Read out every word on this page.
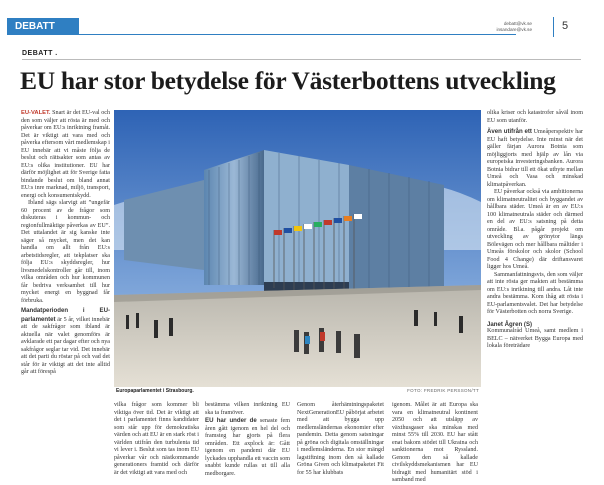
DEBATT	debatt@vk.se
insandare@vk.se	5
DEBATT .
EU har stor betydelse för Västerbottens utveckling

EU-VALET. Snart är det EU-val och den som väljer att rösta är med och påverkar om EU:s inriktning framåt. Det är viktigt att vara med och påverka eftersom vårt medlemskap i EU innebär att vi måste följa de beslut och rättsakter som antas av EU:s olika institutioner. EU har därför möjlighet att för Sverige fatta bindande beslut om bland annat EU:s inre marknad, miljö, transport, energi och konsumentskydd.

Ibland sägs slarvigt att ”ungefär 60 procent av de frågor som diskuteras i kommun- och regionfullmäktige påverkas av EU”. Det uttalandet är sig kanske inte säger så mycket, men det kan handla om allt från EU:s arbetstidsregler, att tekplatser ska följa EU:s skyddsregler, hur livsmedelskontroller går till, inom vilka områden och hur kommunen får bedriva verksamhet till hur mycket energi en byggnad får förbruka.

Mandatperioden i EU-parlamentet är 5 år, vilket innebär att de sakfrågor som ibland är aktuella när valet genomförs är avklarade ett par dagar efter och nya sakfrågor seglar tar vid. Det innebär att det parti du röstar på och vad det står för är viktigt att det inte alltid går att förespå

Europaparlamentet i Strasbourg.	FOTO: FREDRIK PERSSON/TT

vilka frågor som kommer bli viktiga över tid. Det är viktigt att det i parlamentet finns kandidater som står upp för demokratiska värden och att EU är en stark röst i världen utifrån den turbulenta tid vi lever i. Beslut som tas inom EU påverkar vår och nästkommande generationers framtid och därför är det viktigt att vara med och

bestämma vilken inriktning EU ska ta framöver.

EU har under de senaste fem åren gått igenom en hel del och framsteg har gjorts på flera områden. Ett axplock är: Gått igenom en pandemi där EU lyckades upphandla ett vaccin som snabbt kunde rullas ut till alla medborgare.

Genom återhämtningspaketet NextGenerationEU påbörjat arbetet med att bygga upp medlemsländernas ekonomier efter pandemin. Detta genom satsningar på gröna och digitala omställningar i medlemsländerna. En stor mängd lagstiftning inom den så kallade Gröna Given och klimatpaketet Fit for 55 har klubbats

igenom. Målet är att Europa ska vara en klimatneutral kontinent 2050 och att utsläpp av växthusgaser ska minskas med minst 55% till 2030. EU har stått enat bakom stödet till Ukraina och sanktionerna mot Ryssland. Genom den så kallade civilskyddsmekanismen har EU bidragit med humanitärt stöd i samband med

olika kriser och katastrofer såväl inom EU som utanför.

Även utifrån ett Umeåperspektiv har EU haft betydelse. Inte minst när det gäller färjan Aurora Botnia som möjliggjorts med hjälp av lån via europeiska investeringsbanken. Aurora Botnia bidrar till ett ökat utbyte mellan Umeå och Vasa och minskad klimatpåverkan.

EU påverkar också via ambitionerna om klimatneutralitet och byggandet av hållbara städer. Umeå är en av EU:s 100 klimatneutrala städer och därmed en del av EU:s satsning på detta område. Bl.a. pågår projekt om utveckling av grönytor längs Bölevägen och mer hållbara måltider i Umeås förskolor och skolor (School Food 4 Change) där driftansvaret ligger hos Umeå.

Sammanfattningsvis, den som väljer att inte rösta ger makten att bestämma om EU:s inriktning till andra. Låt inte andra bestämma. Kom ihåg att rösta i EU-parlamentsvalet. Det har betydelse för Västerbotten och norra Sverige.

Janet Ågren (S)

Kommunalråd Umeå, samt medlem i BELC – nätverket Bygga Europa med lokala företrädare
